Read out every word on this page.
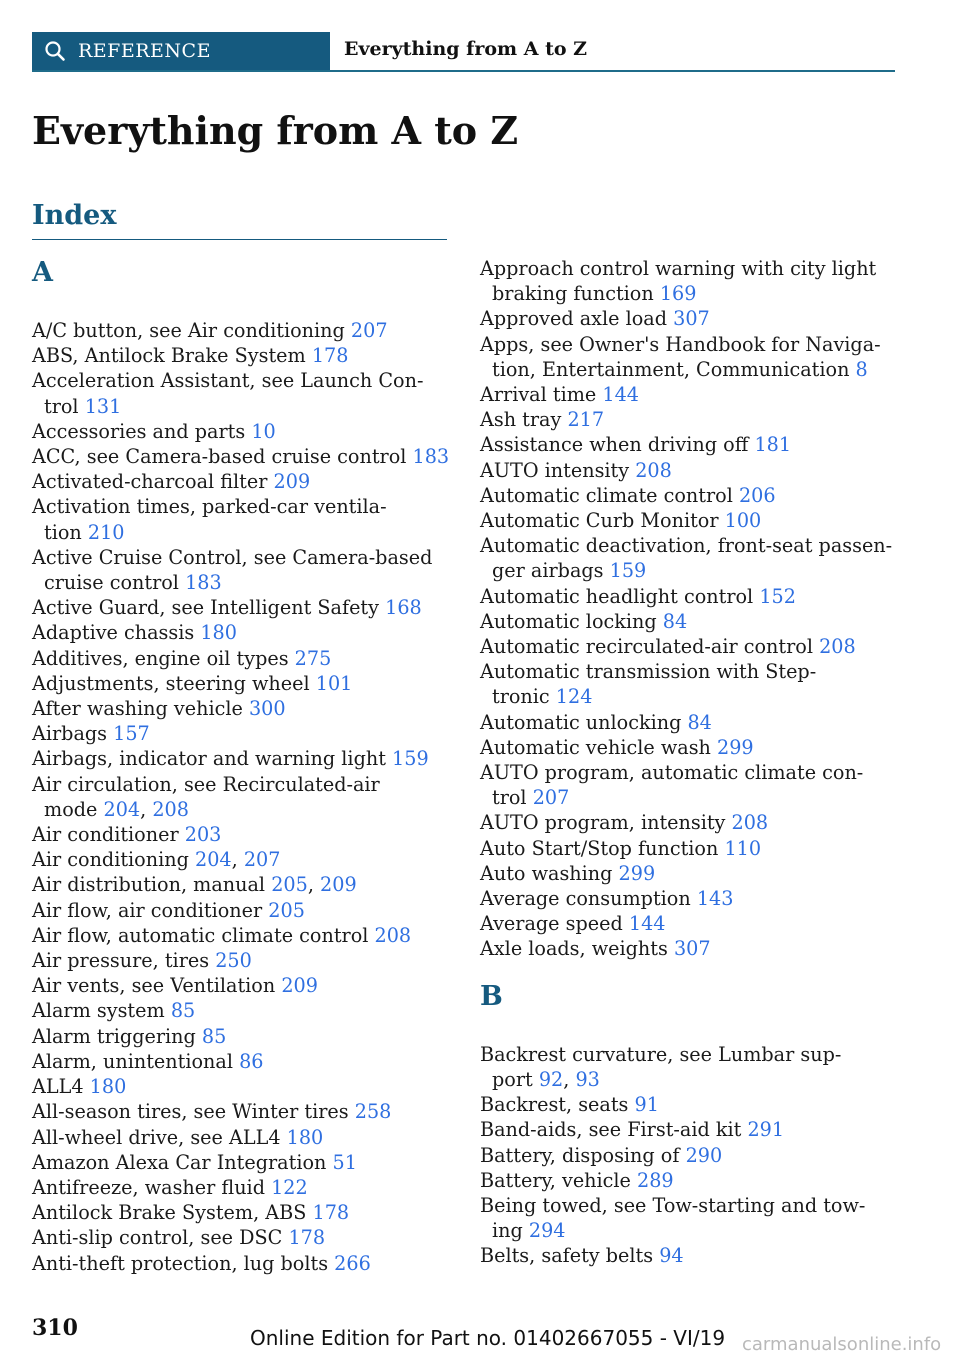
REFERENCE	Everything from A to Z
Everything from A to Z
Index
A
A/C button, see Air conditioning 207
ABS, Antilock Brake System 178
Acceleration Assistant, see Launch Con-
trol 131
Accessories and parts 10
ACC, see Camera-based cruise control 183
Activated-charcoal filter 209
Activation times, parked-car ventila-
tion 210
Active Cruise Control, see Camera-based
cruise control 183
Active Guard, see Intelligent Safety 168
Adaptive chassis 180
Additives, engine oil types 275
Adjustments, steering wheel 101
After washing vehicle 300
Airbags 157
Airbags, indicator and warning light 159
Air circulation, see Recirculated-air
mode 204, 208
Air conditioner 203
Air conditioning 204, 207
Air distribution, manual 205, 209
Air flow, air conditioner 205
Air flow, automatic climate control 208
Air pressure, tires 250
Air vents, see Ventilation 209
Alarm system 85
Alarm triggering 85
Alarm, unintentional 86
ALL4 180
All-season tires, see Winter tires 258
All-wheel drive, see ALL4 180
Amazon Alexa Car Integration 51
Antifreeze, washer fluid 122
Antilock Brake System, ABS 178
Anti-slip control, see DSC 178
Anti-theft protection, lug bolts 266
Approach control warning with city light
braking function 169
Approved axle load 307
Apps, see Owner's Handbook for Naviga-
tion, Entertainment, Communication 8
Arrival time 144
Ash tray 217
Assistance when driving off 181
AUTO intensity 208
Automatic climate control 206
Automatic Curb Monitor 100
Automatic deactivation, front-seat passen-
ger airbags 159
Automatic headlight control 152
Automatic locking 84
Automatic recirculated-air control 208
Automatic transmission with Step-
tronic 124
Automatic unlocking 84
Automatic vehicle wash 299
AUTO program, automatic climate con-
trol 207
AUTO program, intensity 208
Auto Start/Stop function 110
Auto washing 299
Average consumption 143
Average speed 144
Axle loads, weights 307
B
Backrest curvature, see Lumbar sup-
port 92, 93
Backrest, seats 91
Band-aids, see First-aid kit 291
Battery, disposing of 290
Battery, vehicle 289
Being towed, see Tow-starting and tow-
ing 294
Belts, safety belts 94
310	Online Edition for Part no. 01402667055 - VI/19 carmanualsonline.info
